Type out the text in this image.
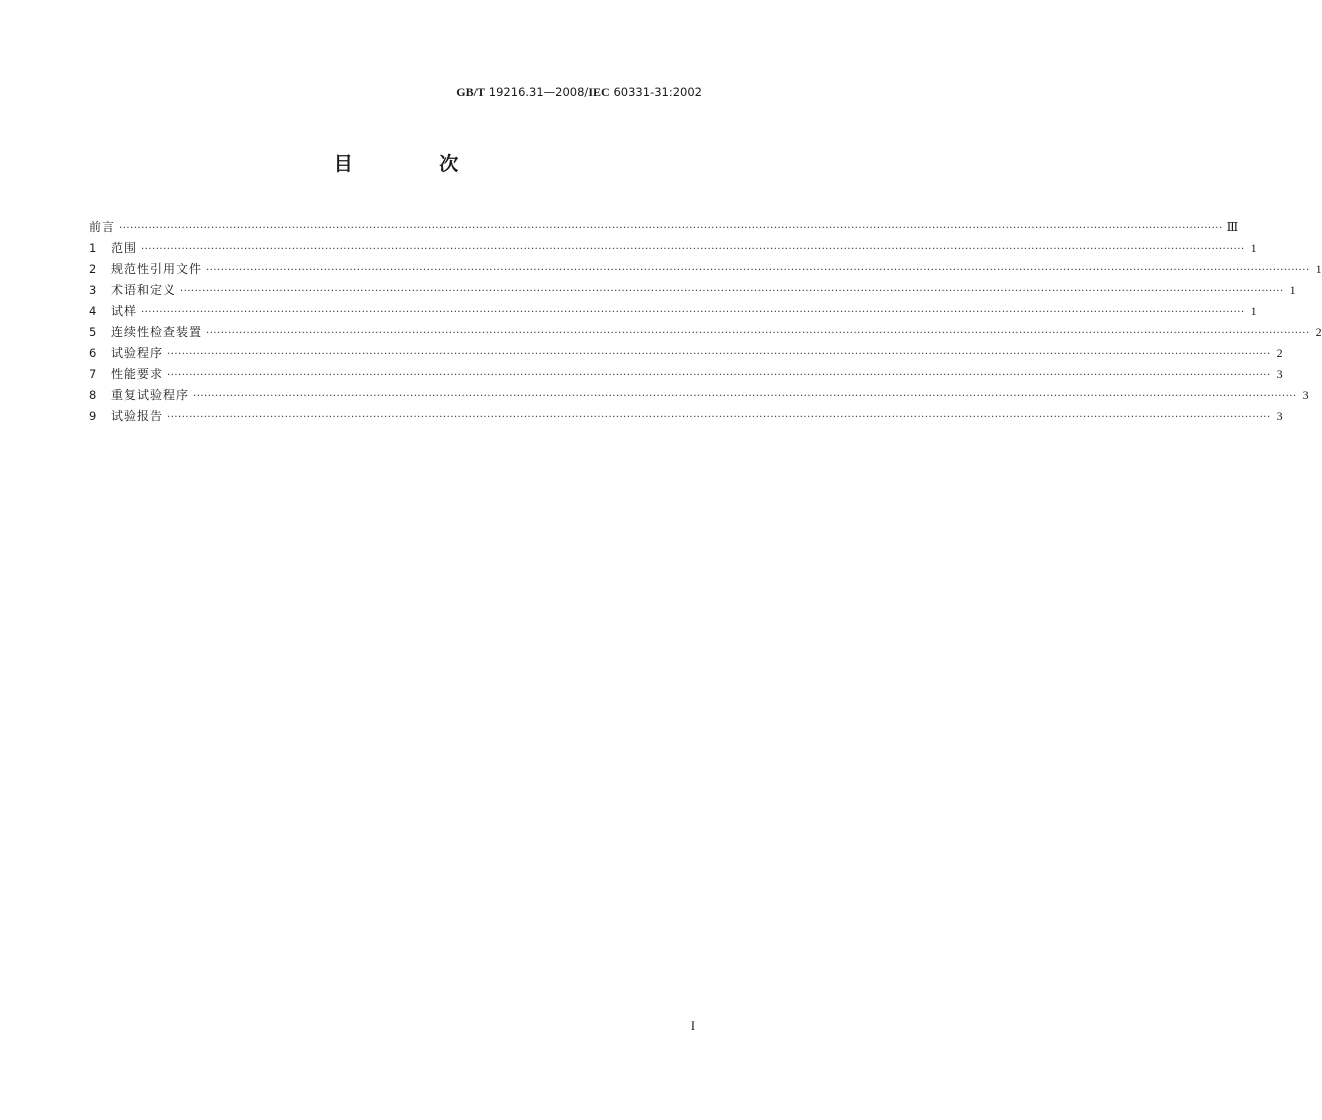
GB/T 19216.31—2008/IEC 60331-31:2002
目 次
前言 ············································································································································································································································································································ Ⅲ
1	范围 ············································································································································································································································································································ 1
2	规范性引用文件 ············································································································································································································································································································ 1
3	术语和定义 ············································································································································································································································································································ 1
4	试样 ············································································································································································································································································································ 1
5	连续性检查装置 ············································································································································································································································································································ 2
6	试验程序 ············································································································································································································································································································ 2
7	性能要求 ············································································································································································································································································································ 3
8	重复试验程序 ············································································································································································································································································································ 3
9	试验报告 ············································································································································································································································································································ 3
I
